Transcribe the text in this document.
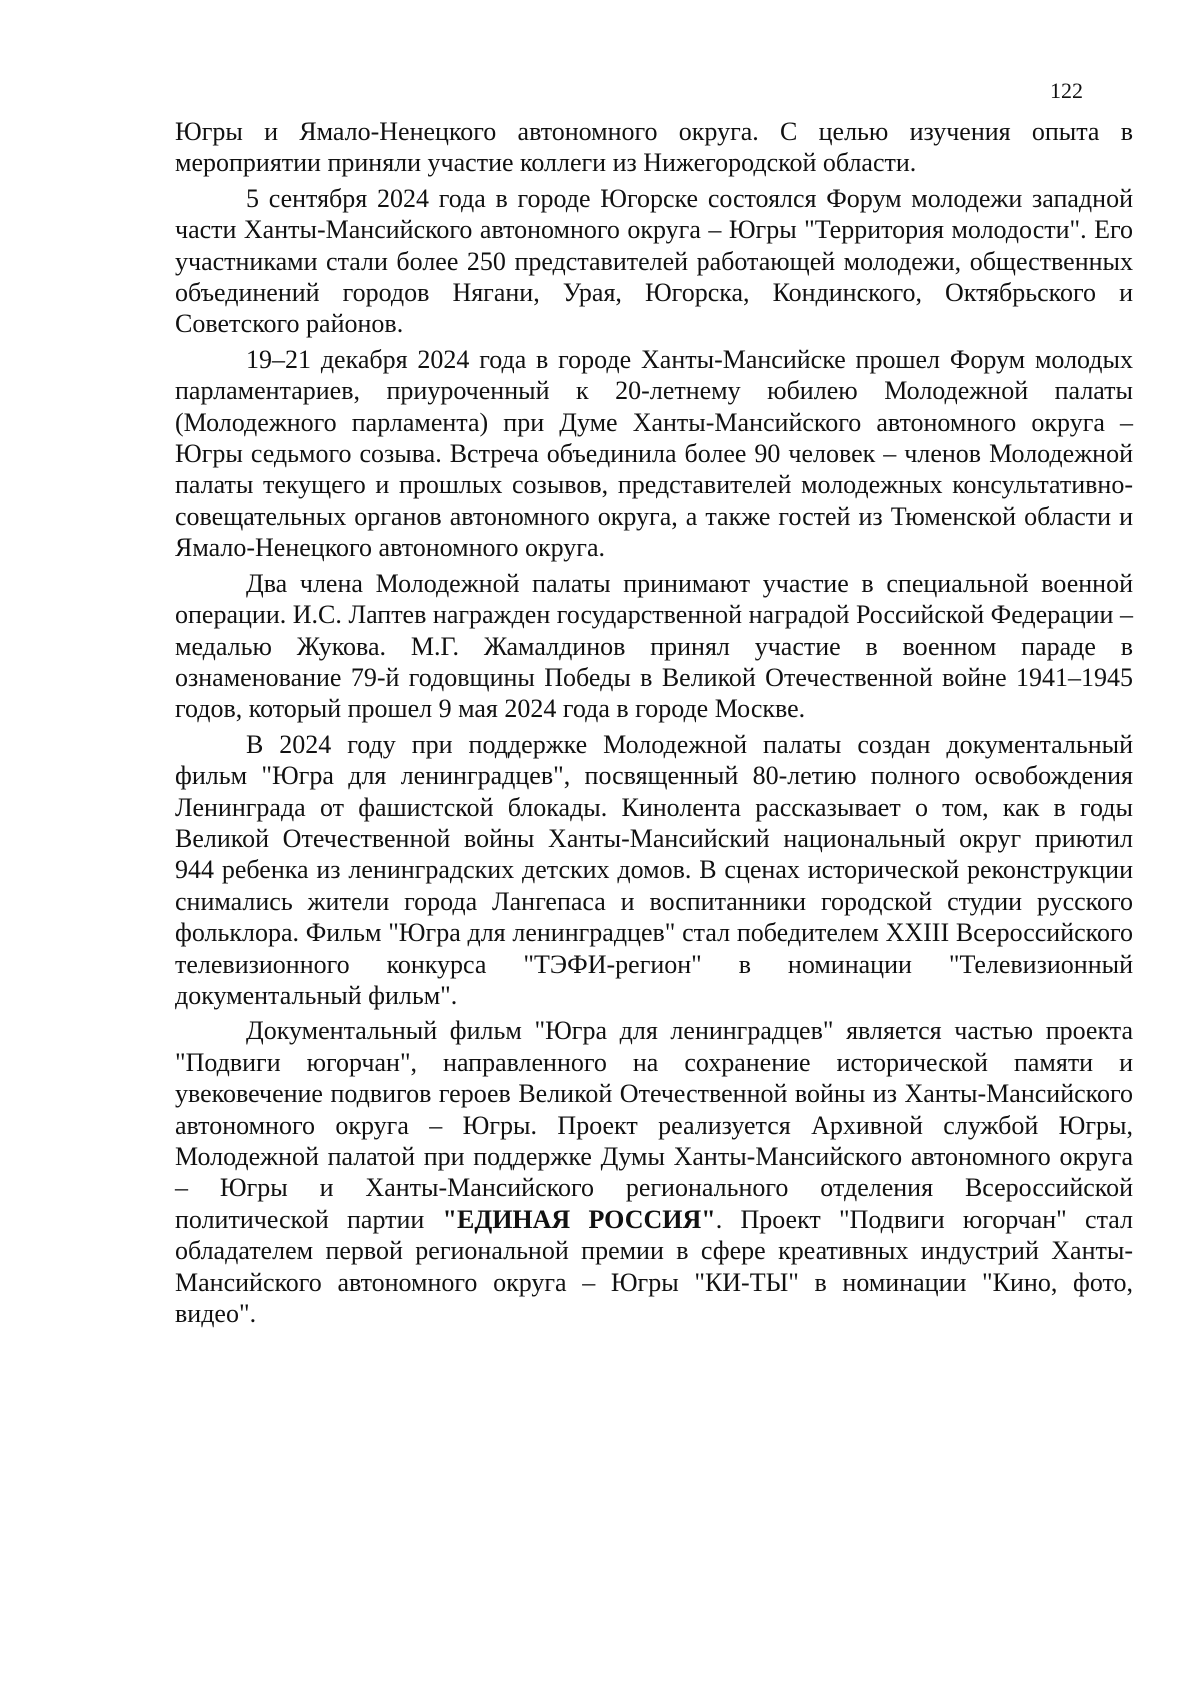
122

Югры и Ямало-Ненецкого автономного округа. С целью изучения опыта в мероприятии приняли участие коллеги из Нижегородской области.

5 сентября 2024 года в городе Югорске состоялся Форум молодежи западной части Ханты-Мансийского автономного округа – Югры "Территория молодости". Его участниками стали более 250 представителей работающей молодежи, общественных объединений городов Нягани, Урая, Югорска, Кондинского, Октябрьского и Советского районов.

19–21 декабря 2024 года в городе Ханты-Мансийске прошел Форум молодых парламентариев, приуроченный к 20-летнему юбилею Молодежной палаты (Молодежного парламента) при Думе Ханты-Мансийского автономного округа – Югры седьмого созыва. Встреча объединила более 90 человек – членов Молодежной палаты текущего и прошлых созывов, представителей молодежных консультативно-совещательных органов автономного округа, а также гостей из Тюменской области и Ямало-Ненецкого автономного округа.

Два члена Молодежной палаты принимают участие в специальной военной операции. И.С. Лаптев награжден государственной наградой Российской Федерации – медалью Жукова. М.Г. Жамалдинов принял участие в военном параде в ознаменование 79-й годовщины Победы в Великой Отечественной войне 1941–1945 годов, который прошел 9 мая 2024 года в городе Москве.

В 2024 году при поддержке Молодежной палаты создан документальный фильм "Югра для ленинградцев", посвященный 80-летию полного освобождения Ленинграда от фашистской блокады. Кинолента рассказывает о том, как в годы Великой Отечественной войны Ханты-Мансийский национальный округ приютил 944 ребенка из ленинградских детских домов. В сценах исторической реконструкции снимались жители города Лангепаса и воспитанники городской студии русского фольклора. Фильм "Югра для ленинградцев" стал победителем XXIII Всероссийского телевизионного конкурса "ТЭФИ-регион" в номинации "Телевизионный документальный фильм".

Документальный фильм "Югра для ленинградцев" является частью проекта "Подвиги югорчан", направленного на сохранение исторической памяти и увековечение подвигов героев Великой Отечественной войны из Ханты-Мансийского автономного округа – Югры. Проект реализуется Архивной службой Югры, Молодежной палатой при поддержке Думы Ханты-Мансийского автономного округа – Югры и Ханты-Мансийского регионального отделения Всероссийской политической партии "ЕДИНАЯ РОССИЯ". Проект "Подвиги югорчан" стал обладателем первой региональной премии в сфере креативных индустрий Ханты-Мансийского автономного округа – Югры "КИ-ТЫ" в номинации "Кино, фото, видео".
